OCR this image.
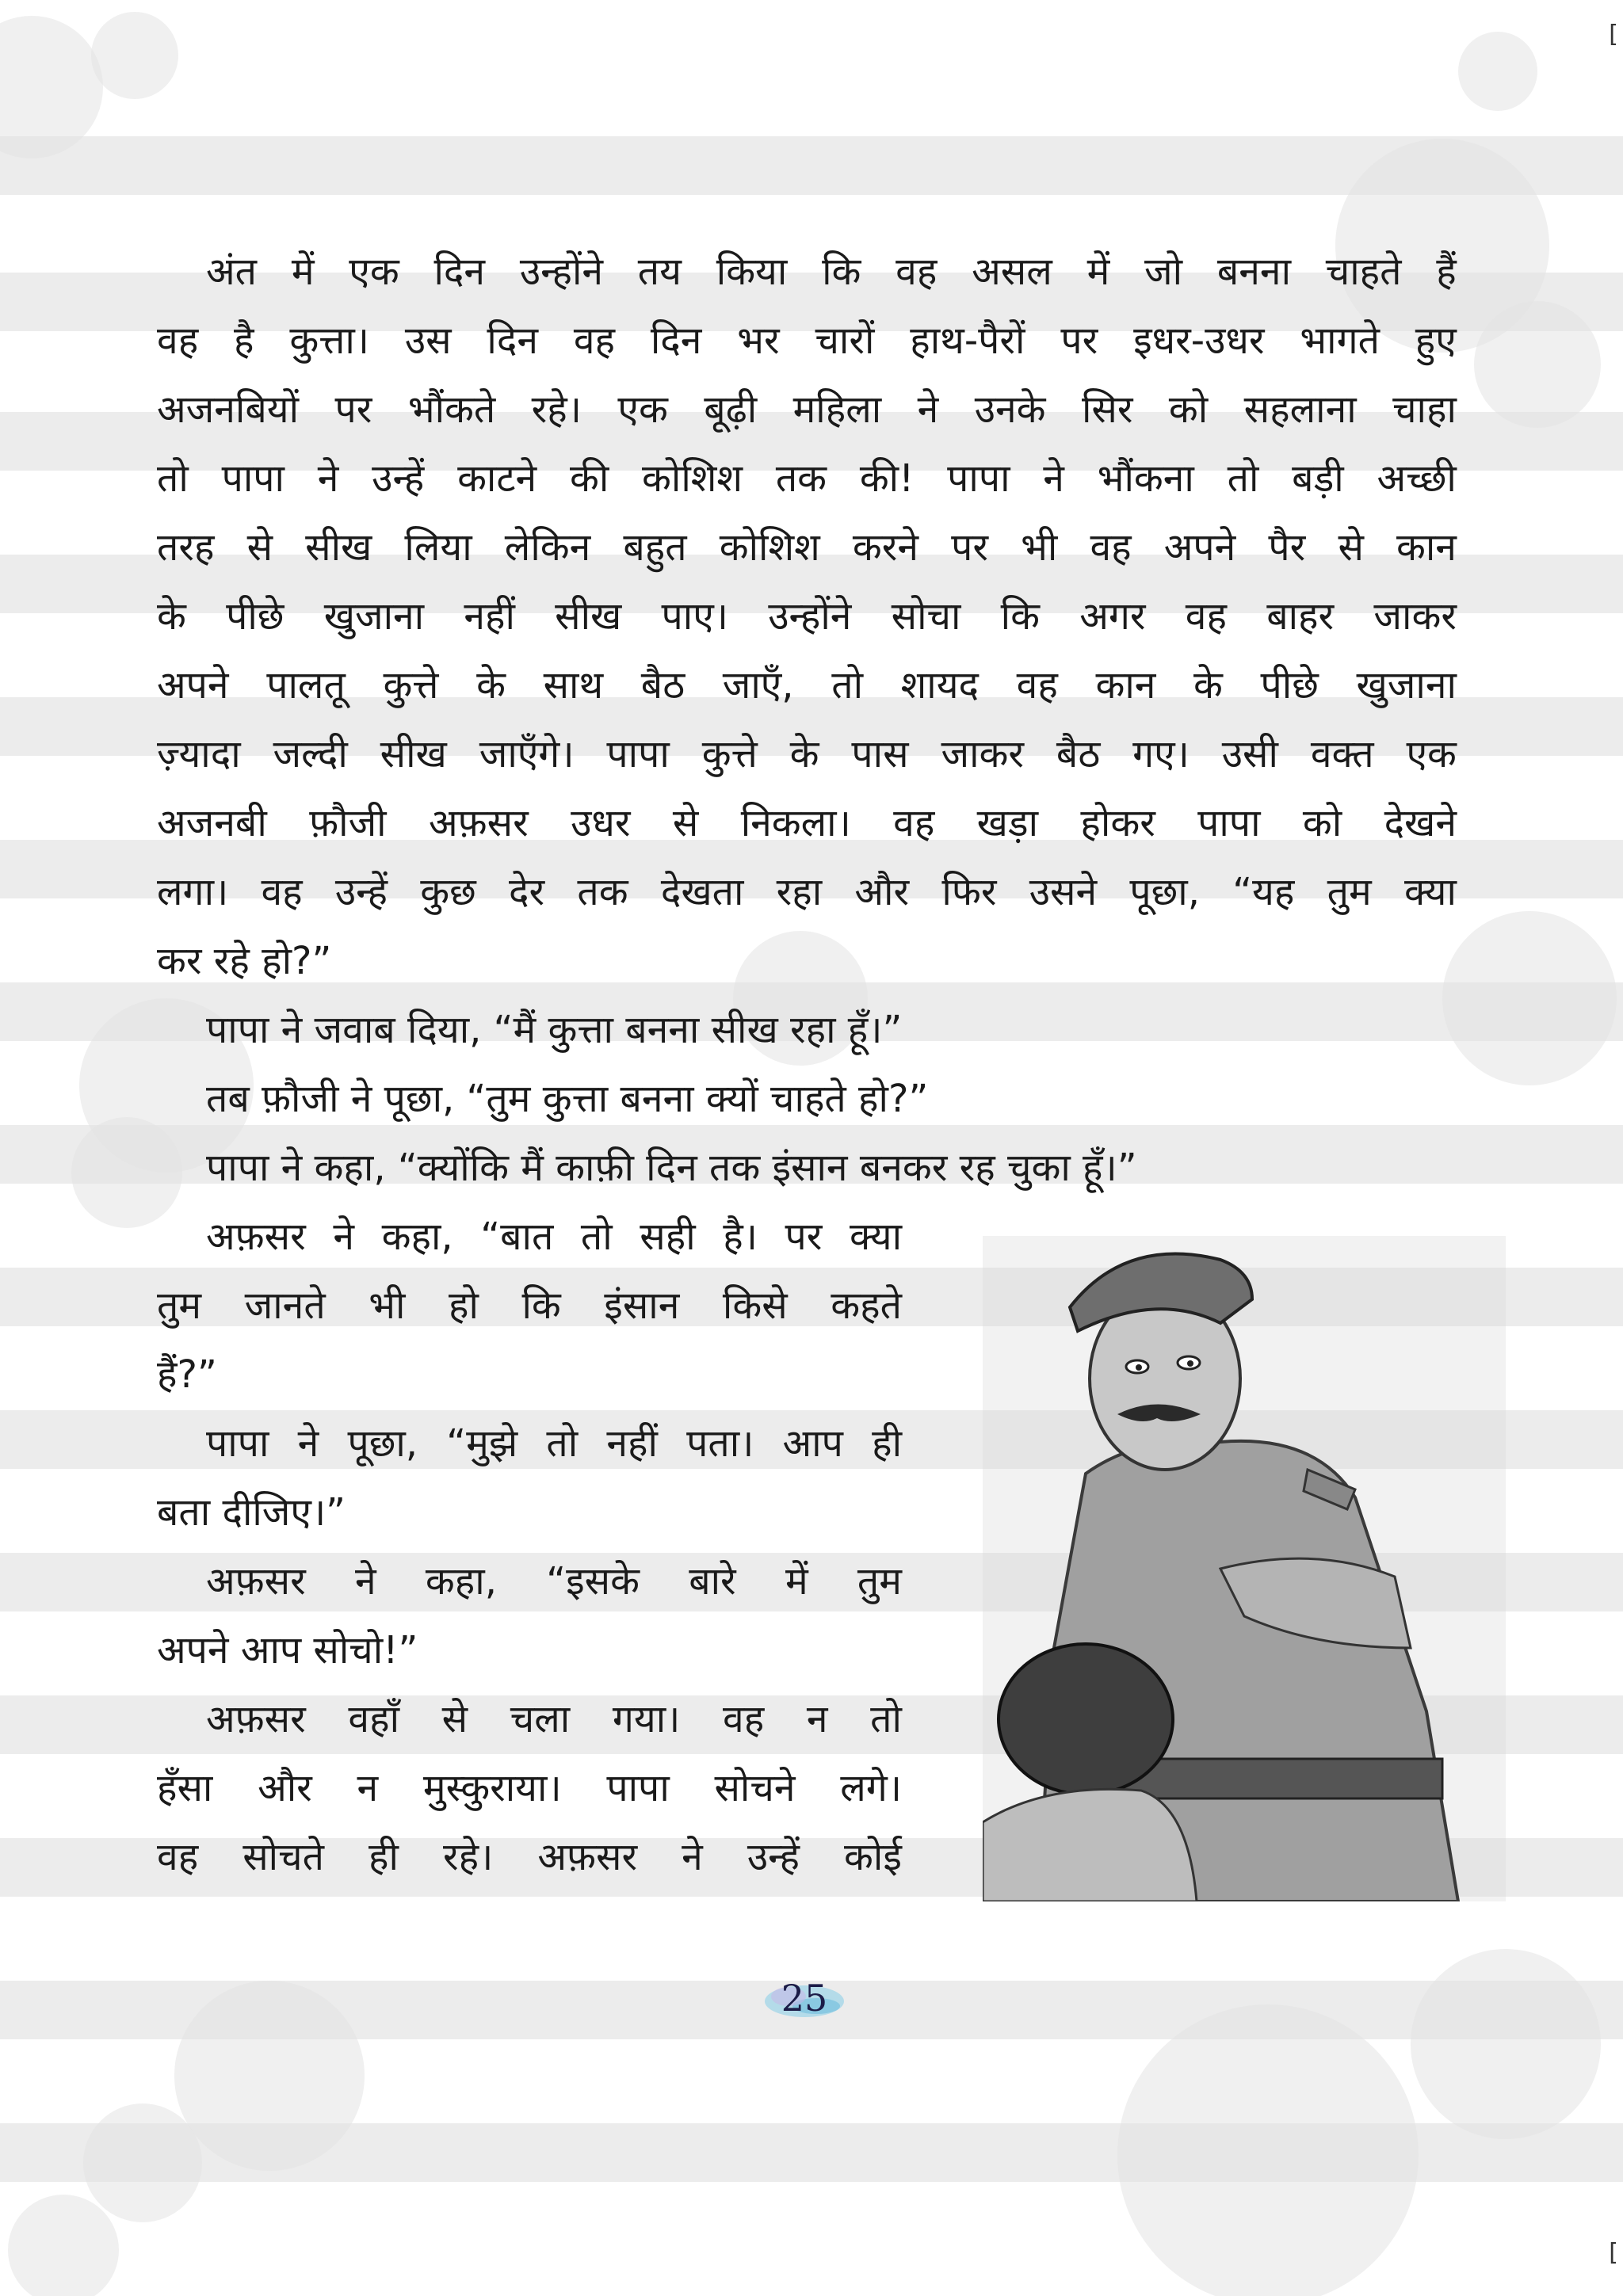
[
[
अंत में एक दिन उन्होंने तय किया कि वह असल में जो बनना चाहते हैं
वह है कुत्ता। उस दिन वह दिन भर चारों हाथ-पैरों पर इधर-उधर भागते हुए
अजनबियों पर भौंकते रहे। एक बूढ़ी महिला ने उनके सिर को सहलाना चाहा
तो पापा ने उन्हें काटने की कोशिश तक की! पापा ने भौंकना तो बड़ी अच्छी
तरह से सीख लिया लेकिन बहुत कोशिश करने पर भी वह अपने पैर से कान
के पीछे खुजाना नहीं सीख पाए। उन्होंने सोचा कि अगर वह बाहर जाकर
अपने पालतू कुत्ते के साथ बैठ जाएँ, तो शायद वह कान के पीछे खुजाना
ज़्यादा जल्दी सीख जाएँगे। पापा कुत्ते के पास जाकर बैठ गए। उसी वक्त एक
अजनबी फ़ौजी अफ़सर उधर से निकला। वह खड़ा होकर पापा को देखने
लगा। वह उन्हें कुछ देर तक देखता रहा और फिर उसने पूछा, “यह तुम क्या
कर रहे हो?”
पापा ने जवाब दिया, “मैं कुत्ता बनना सीख रहा हूँ।”
तब फ़ौजी ने पूछा, “तुम कुत्ता बनना क्यों चाहते हो?”
पापा ने कहा, “क्योंकि मैं काफ़ी दिन तक इंसान बनकर रह चुका हूँ।”
अफ़सर ने कहा, “बात तो सही है। पर क्या
तुम जानते भी हो कि इंसान किसे कहते
हैं?”
पापा ने पूछा, “मुझे तो नहीं पता। आप ही
बता दीजिए।”
अफ़सर ने कहा, “इसके बारे में तुम
अपने आप सोचो!”
अफ़सर वहाँ से चला गया। वह न तो
हँसा और न मुस्कुराया। पापा सोचने लगे।
वह सोचते ही रहे। अफ़सर ने उन्हें कोई
25
